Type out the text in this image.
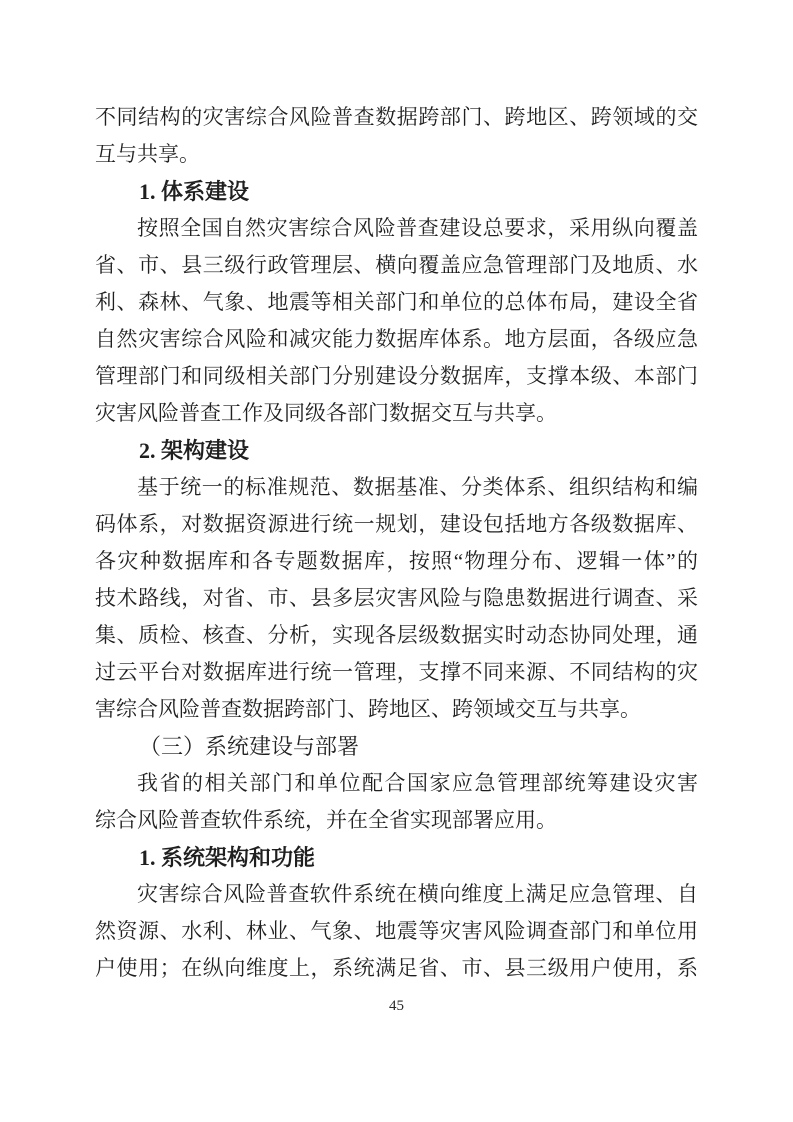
不同结构的灾害综合风险普查数据跨部门、跨地区、跨领域的交
互与共享。
1. 体系建设
按照全国自然灾害综合风险普查建设总要求，采用纵向覆盖
省、市、县三级行政管理层、横向覆盖应急管理部门及地质、水
利、森林、气象、地震等相关部门和单位的总体布局，建设全省
自然灾害综合风险和减灾能力数据库体系。地方层面，各级应急
管理部门和同级相关部门分别建设分数据库，支撑本级、本部门
灾害风险普查工作及同级各部门数据交互与共享。
2. 架构建设
基于统一的标准规范、数据基准、分类体系、组织结构和编
码体系，对数据资源进行统一规划，建设包括地方各级数据库、
各灾种数据库和各专题数据库，按照“物理分布、逻辑一体”的
技术路线，对省、市、县多层灾害风险与隐患数据进行调查、采
集、质检、核查、分析，实现各层级数据实时动态协同处理，通
过云平台对数据库进行统一管理，支撑不同来源、不同结构的灾
害综合风险普查数据跨部门、跨地区、跨领域交互与共享。
（三）系统建设与部署
我省的相关部门和单位配合国家应急管理部统筹建设灾害
综合风险普查软件系统，并在全省实现部署应用。
1. 系统架构和功能
灾害综合风险普查软件系统在横向维度上满足应急管理、自
然资源、水利、林业、气象、地震等灾害风险调查部门和单位用
户使用；在纵向维度上，系统满足省、市、县三级用户使用，系
45
